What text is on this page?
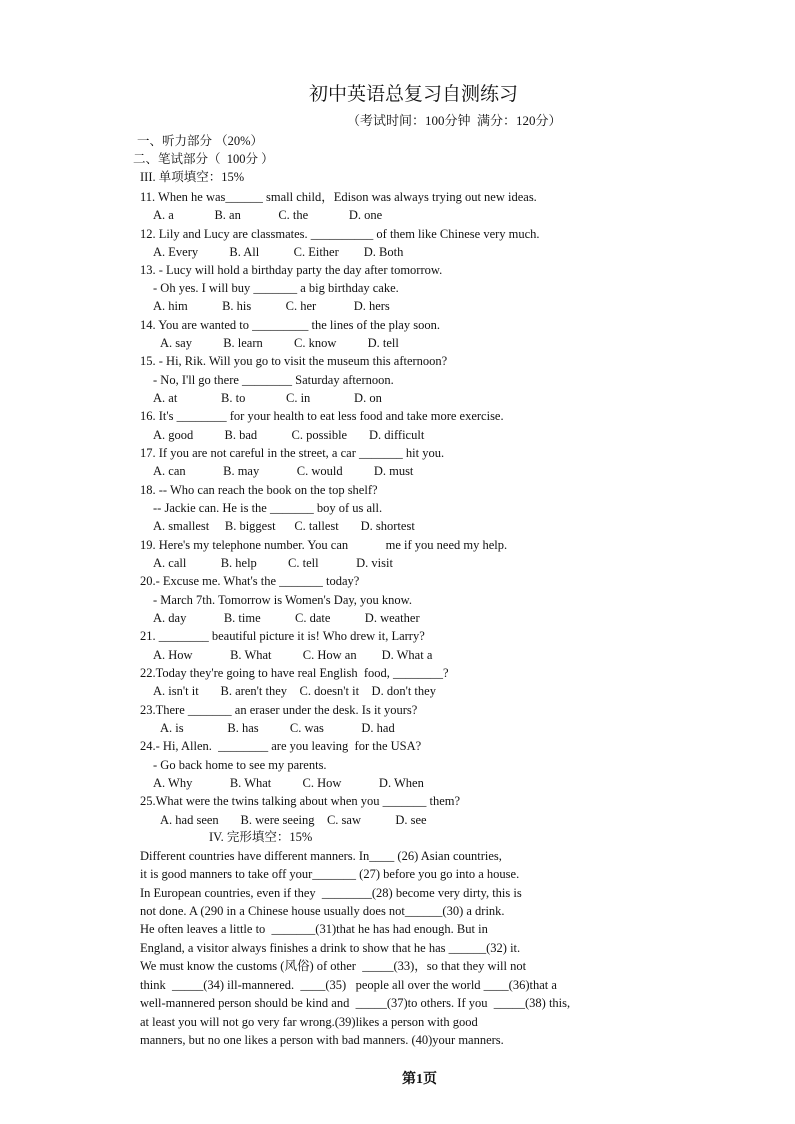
初中英语总复习自测练习
（考试时间：100分钟  满分：120分）
一、听力部分 （20%）
二、笔试部分（  100分 ）
III. 单项填空：15%
11. When he was______ small child，Edison was always trying out new ideas.
A. a             B. an            C. the             D. one
12. Lily and Lucy are classmates. __________ of them like Chinese very much.
A. Every          B. All           C. Either        D. Both
13. - Lucy will hold a birthday party the day after tomorrow.
- Oh yes. I will buy _______ a big birthday cake.
A. him           B. his           C. her            D. hers
14. You are wanted to _________ the lines of the play soon.
A. say          B. learn          C. know          D. tell
15. - Hi, Rik. Will you go to visit the museum this afternoon?
- No, I'll go there ________ Saturday afternoon.
A. at              B. to             C. in              D. on
16. It's ________ for your health to eat less food and take more exercise.
A. good          B. bad           C. possible       D. difficult
17. If you are not careful in the street, a car _______ hit you.
A. can            B. may            C. would          D. must
18. -- Who can reach the book on the top shelf?
-- Jackie can. He is the _______ boy of us all.
A. smallest     B. biggest      C. tallest       D. shortest
19. Here's my telephone number. You can            me if you need my help.
A. call           B. help          C. tell            D. visit
20.- Excuse me. What's the _______ today?
- March 7th. Tomorrow is Women's Day, you know.
A. day            B. time           C. date           D. weather
21. ________ beautiful picture it is! Who drew it, Larry?
A. How            B. What          C. How an        D. What a
22.Today they're going to have real English  food, ________?
A. isn't it       B. aren't they    C. doesn't it    D. don't they
23.There _______ an eraser under the desk. Is it yours?
A. is              B. has          C. was            D. had
24.- Hi, Allen.  ________ are you leaving  for the USA?
- Go back home to see my parents.
A. Why            B. What          C. How            D. When
25.What were the twins talking about when you _______ them?
A. had seen       B. were seeing    C. saw           D. see
IV. 完形填空：15%
Different countries have different manners. In____ (26) Asian countries,
it is good manners to take off your_______ (27) before you go into a house.
In European countries, even if they  ________(28) become very dirty, this is
not done. A (290 in a Chinese house usually does not______(30) a drink.
He often leaves a little to  _______(31)that he has had enough. But in
England, a visitor always finishes a drink to show that he has ______(32) it.
We must know the customs (风俗) of other  _____(33)，so that they will not
think  _____(34) ill-mannered.  ____(35)   people all over the world ____(36)that a
well-mannered person should be kind and  _____(37)to others. If you  _____(38) this,
at least you will not go very far wrong.(39)likes a person with good
manners, but no one likes a person with bad manners. (40)your manners.
第1页
